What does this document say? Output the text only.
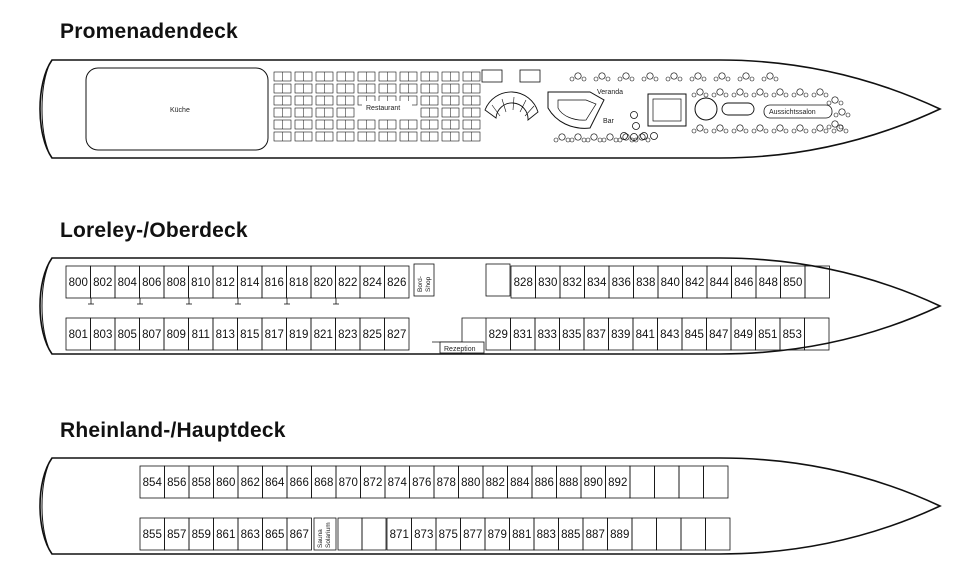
Promenadendeck
Loreley-/Oberdeck
Rheinland-/Hauptdeck
Küche	Restaurant
Veranda
Bar
Aussichtssalon
800 802 804 806 808 810 812 814 816 818 820 822 824 826	828 830 832 834 836 838 840 842 844 846 848 850
801 803 805 807 809 811 813 815 817 819 821 823 825 827	829 831 833 835 837 839 841 843 845 847 849 851 853
Bord- Shop
Rezeption
854 856 858 860 862 864 866 868 870 872 874 876 878 880 882 884 886 888 890 892
855 857 859 861 863 865 867	871 873 875 877 879 881 883 885 887 889
Sauna Solarium
